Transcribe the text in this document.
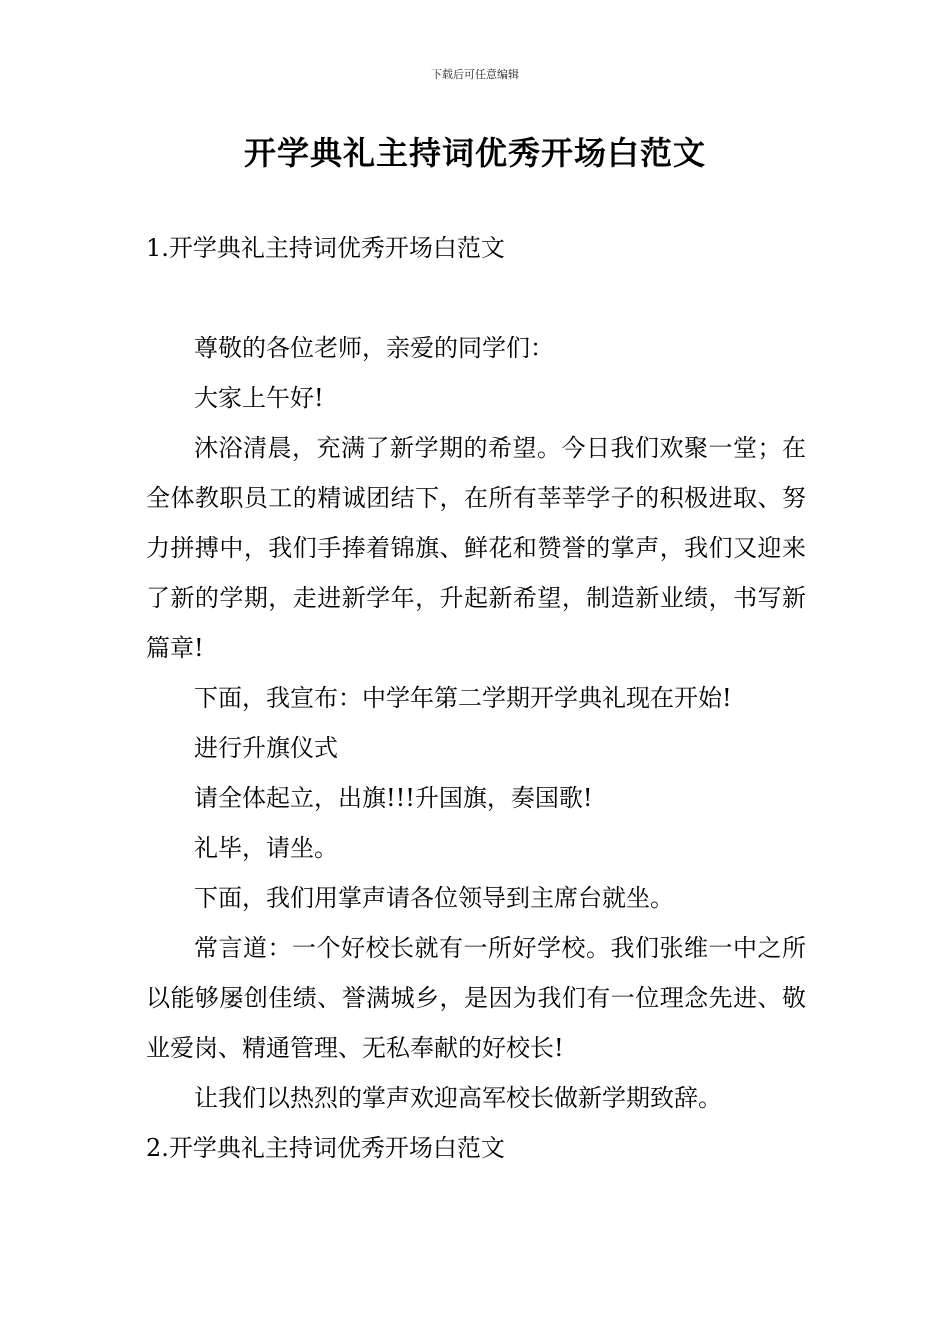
下载后可任意编辑
开学典礼主持词优秀开场白范文

1.开学典礼主持词优秀开场白范文

尊敬的各位老师，亲爱的同学们：

大家上午好!

沐浴清晨，充满了新学期的希望。今日我们欢聚一堂；在全体教职员工的精诚团结下，在所有莘莘学子的积极进取、努力拼搏中，我们手捧着锦旗、鲜花和赞誉的掌声，我们又迎来了新的学期，走进新学年，升起新希望，制造新业绩，书写新篇章!

下面，我宣布：中学年第二学期开学典礼现在开始!

进行升旗仪式

请全体起立，出旗!!!升国旗，奏国歌!

礼毕，请坐。

下面，我们用掌声请各位领导到主席台就坐。

常言道：一个好校长就有一所好学校。我们张维一中之所以能够屡创佳绩、誉满城乡，是因为我们有一位理念先进、敬业爱岗、精通管理、无私奉献的好校长!

让我们以热烈的掌声欢迎高军校长做新学期致辞。

2.开学典礼主持词优秀开场白范文
